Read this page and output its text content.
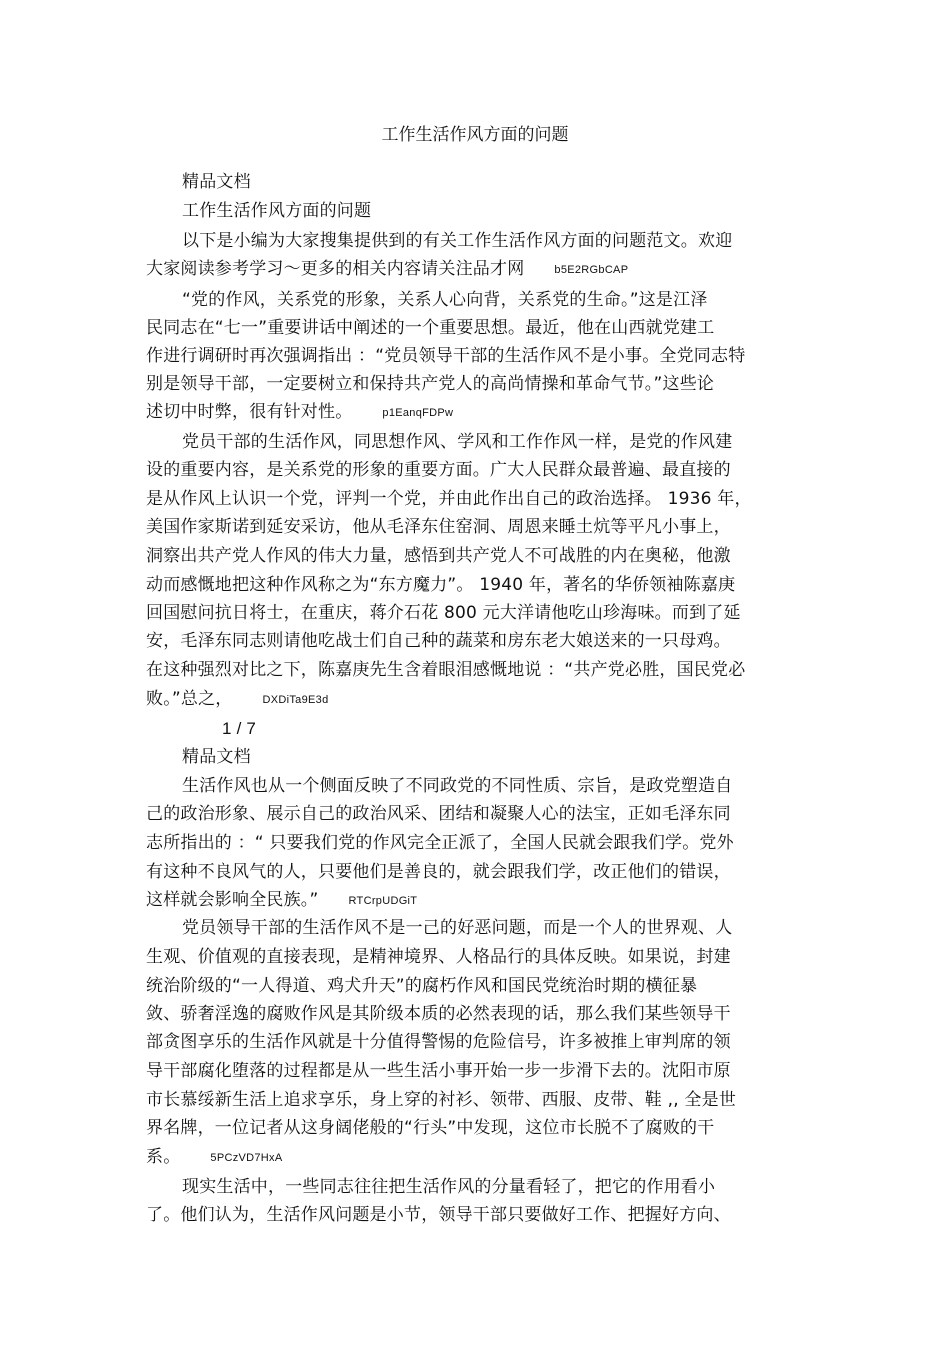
工作生活作风方面的问题
精品文档
工作生活作风方面的问题
以下是小编为大家搜集提供到的有关工作生活作风方面的问题范文。欢迎
大家阅读参考学习～更多的相关内容请关注品才网	b5E2RGbCAP
“党的作风，关系党的形象，关系人心向背，关系党的生命。”这是江泽
民同志在“七一”重要讲话中阐述的一个重要思想。最近，他在山西就党建工
作进行调研时再次强调指出 ：“党员领导干部的生活作风不是小事。全党同志特
别是领导干部，一定要树立和保持共产党人的高尚情操和革命气节。”这些论
述切中时弊，很有针对性。	p1EanqFDPw
党员干部的生活作风，同思想作风、学风和工作作风一样，是党的作风建
设的重要内容，是关系党的形象的重要方面。广大人民群众最普遍、最直接的
是从作风上认识一个党，评判一个党，并由此作出自己的政治选择。 1936 年，
美国作家斯诺到延安采访，他从毛泽东住窑洞、周恩来睡土炕等平凡小事上，
洞察出共产党人作风的伟大力量，感悟到共产党人不可战胜的内在奥秘，他激
动而感慨地把这种作风称之为“东方魔力”。 1940 年，著名的华侨领袖陈嘉庚
回国慰问抗日将士，在重庆，蒋介石花 800 元大洋请他吃山珍海味。而到了延
安，毛泽东同志则请他吃战士们自己种的蔬菜和房东老大娘送来的一只母鸡。
在这种强烈对比之下，陈嘉庚先生含着眼泪感慨地说 ：“共产党必胜，国民党必
败。”总之，	DXDiTa9E3d
1 / 7
精品文档
生活作风也从一个侧面反映了不同政党的不同性质、宗旨，是政党塑造自
己的政治形象、展示自己的政治风采、团结和凝聚人心的法宝，正如毛泽东同
志所指出的 ：“ 只要我们党的作风完全正派了，全国人民就会跟我们学。党外
有这种不良风气的人，只要他们是善良的，就会跟我们学，改正他们的错误，
这样就会影响全民族。”	RTCrpUDGiT
党员领导干部的生活作风不是一己的好恶问题，而是一个人的世界观、人
生观、价值观的直接表现，是精神境界、人格品行的具体反映。如果说，封建
统治阶级的“一人得道、鸡犬升天”的腐朽作风和国民党统治时期的横征暴
敛、骄奢淫逸的腐败作风是其阶级本质的必然表现的话，那么我们某些领导干
部贪图享乐的生活作风就是十分值得警惕的危险信号，许多被推上审判席的领
导干部腐化堕落的过程都是从一些生活小事开始一步一步滑下去的。沈阳市原
市长慕绥新生活上追求享乐，身上穿的衬衫、领带、西服、皮带、鞋 ,, 全是世
界名牌，一位记者从这身阔佬般的“行头”中发现，这位市长脱不了腐败的干
系。	5PCzVD7HxA
现实生活中，一些同志往往把生活作风的分量看轻了，把它的作用看小
了。他们认为，生活作风问题是小节，领导干部只要做好工作、把握好方向、
